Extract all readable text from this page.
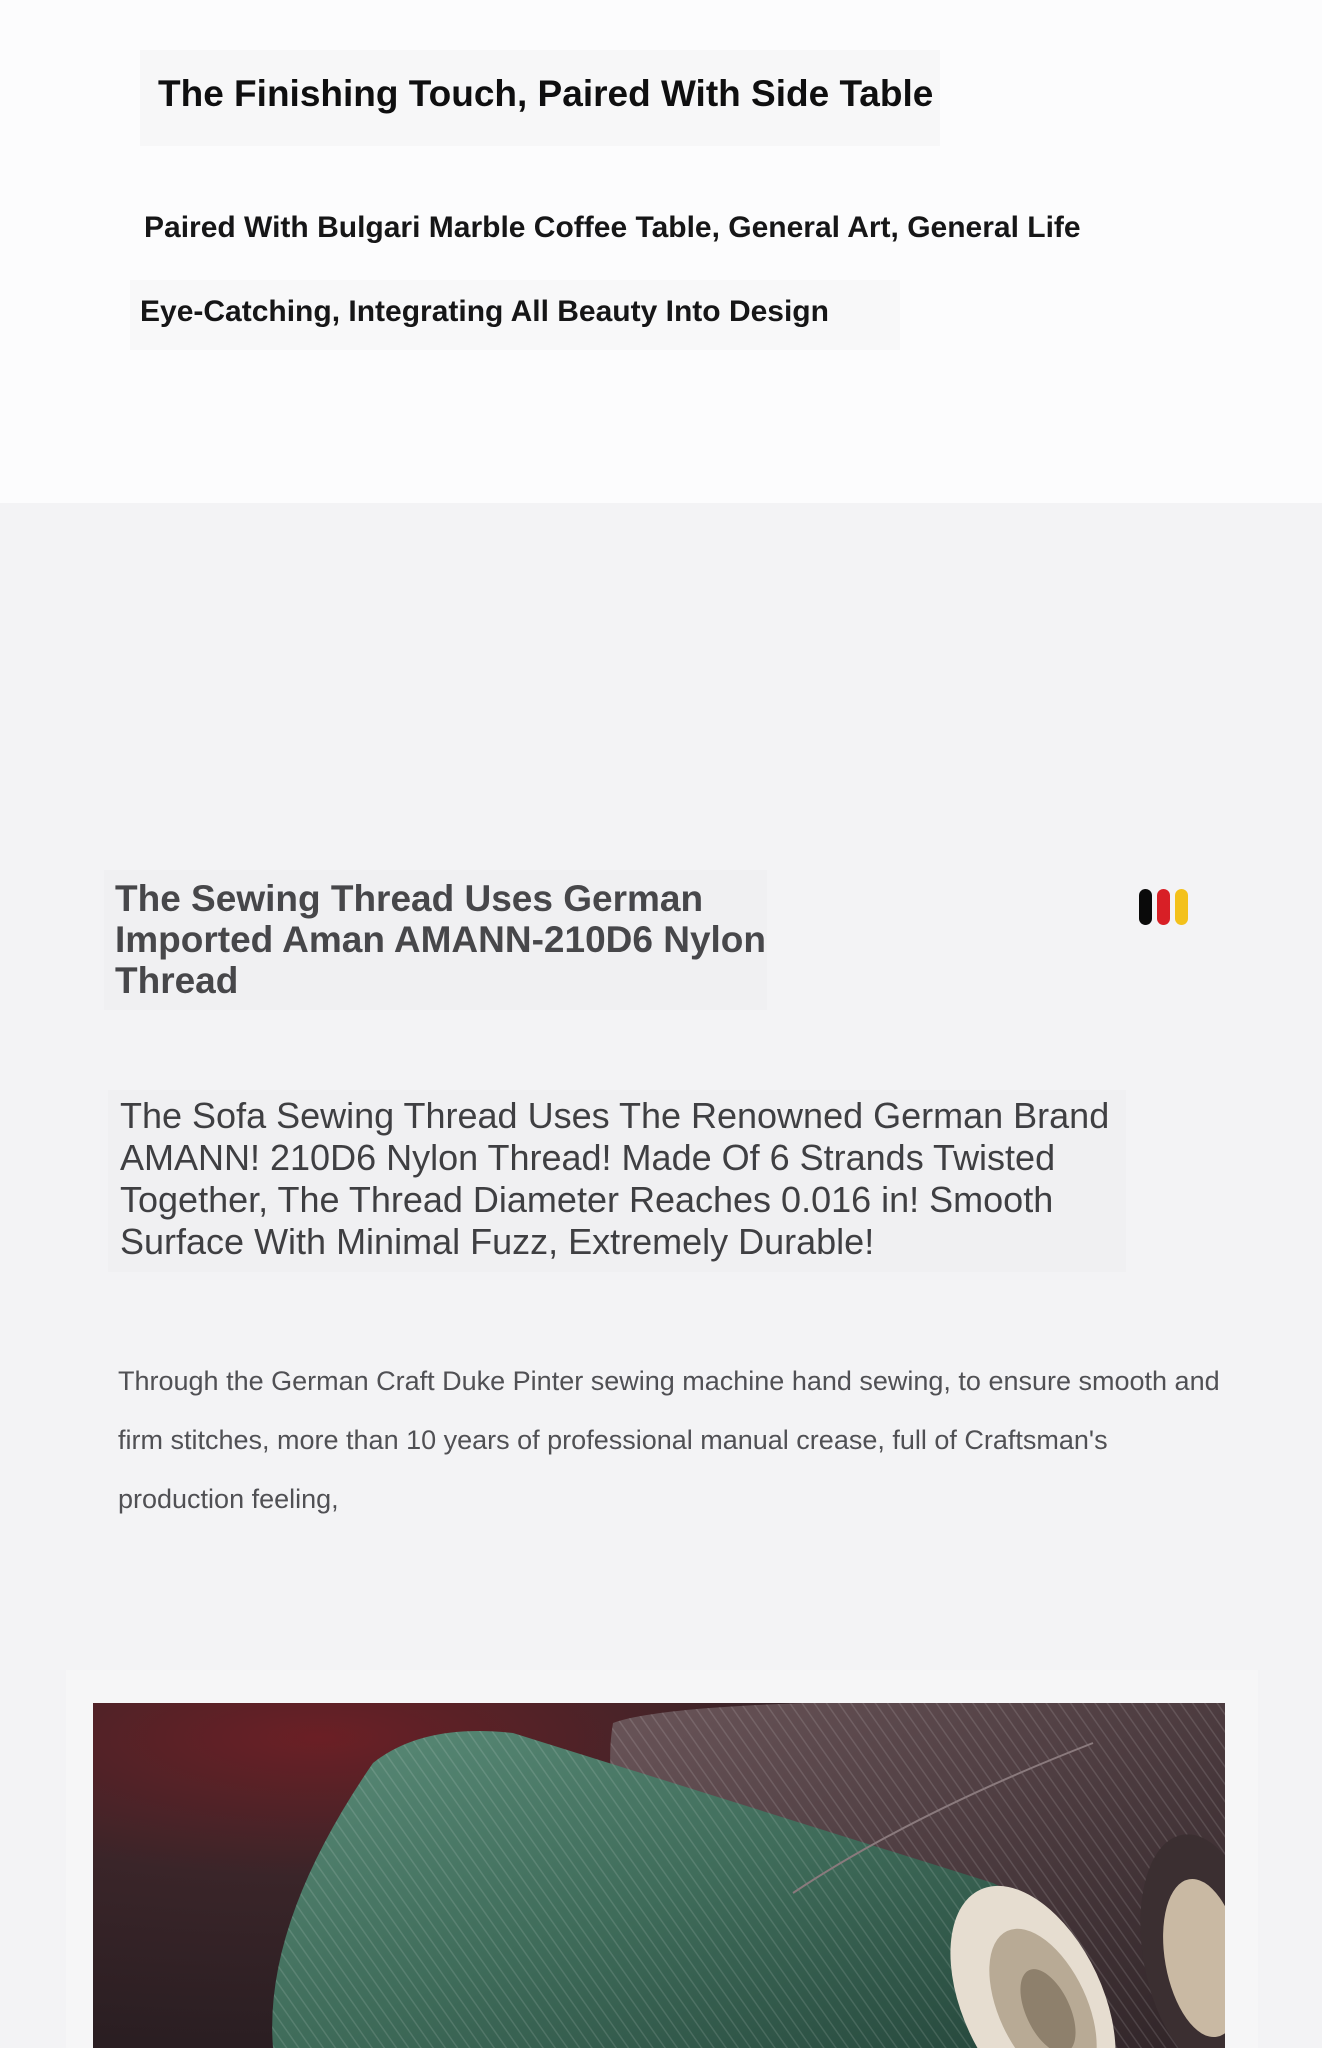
The Finishing Touch, Paired With Side Table
Paired With Bulgari Marble Coffee Table, General Art, General Life
Eye-Catching, Integrating All Beauty Into Design
The Sewing Thread Uses German Imported Aman AMANN-210D6 Nylon Thread

The Sofa Sewing Thread Uses The Renowned German Brand AMANN! 210D6 Nylon Thread! Made Of 6 Strands Twisted Together, The Thread Diameter Reaches 0.016 in! Smooth Surface With Minimal Fuzz, Extremely Durable!

Through the German Craft Duke Pinter sewing machine hand sewing, to ensure smooth and firm stitches, more than 10 years of professional manual crease, full of Craftsman's production feeling,
